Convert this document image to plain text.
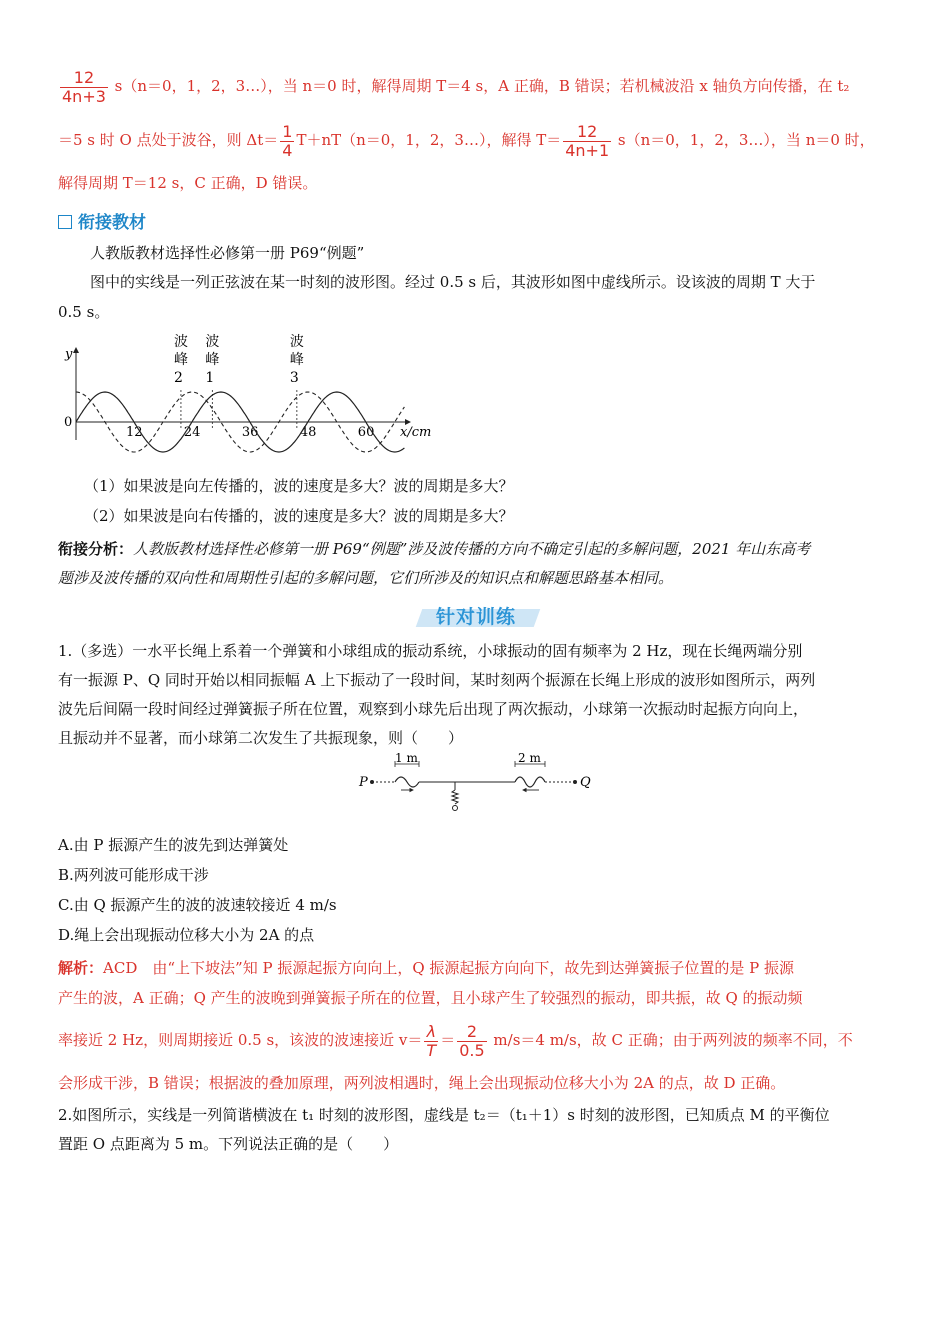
$\frac{12}{4n+3} s(n=0$，1，2，3…），当 n＝0 时，解得周期 T＝4 s，A 正确，B 错误；若机械波沿 x 轴负方向传播，在 t₂
＝5 s 时 O 点处于波谷，则 $\Delta t= \frac{1}{4} T+nT(n=0$，1，2，3…），解得 $T= \frac{12}{4n+1} s(n=0$，1，2，3…），当 n＝0 时，
解得周期 T＝12 s，C 正确，D 错误。
衔接教材
人教版教材选择性必修第一册 P69“例题”
图中的实线是一列正弦波在某一时刻的波形图。经过 0.5 s 后，其波形如图中虚线所示。设该波的周期 T 大于
0.5 s。
y
0
x/cm
12	24	36	48	60
波
峰
2
波
峰
1
波
峰
3
（1）如果波是向左传播的，波的速度是多大？波的周期是多大？
（2）如果波是向右传播的，波的速度是多大？波的周期是多大？
衔接分析：人教版教材选择性必修第一册 P69“例题”涉及波传播的方向不确定引起的多解问题，2021 年山东高考
题涉及波传播的双向性和周期性引起的多解问题，它们所涉及的知识点和解题思路基本相同。
针对训练
1.（多选）一水平长绳上系着一个弹簧和小球组成的振动系统，小球振动的固有频率为 2 Hz，现在长绳两端分别
有一振源 P、Q 同时开始以相同振幅 A 上下振动了一段时间，某时刻两个振源在长绳上形成的波形如图所示，两列
波先后间隔一段时间经过弹簧振子所在位置，观察到小球先后出现了两次振动，小球第一次振动时起振方向向上，
且振动并不显著，而小球第二次发生了共振现象，则（　　）
P
1 m	2 m
Q
A.由 P 振源产生的波先到达弹簧处
B.两列波可能形成干涉
C.由 Q 振源产生的波的波速较接近 4 m/s
D.绳上会出现振动位移大小为 2A 的点
解析：ACD　由“上下坡法”知 P 振源起振方向向上，Q 振源起振方向向下，故先到达弹簧振子位置的是 P 振源
产生的波，A 正确；Q 产生的波晚到弹簧振子所在的位置，且小球产生了较强烈的振动，即共振，故 Q 的振动频
率接近 2 Hz，则周期接近 0.5 s，该波的波速接近 $v= \frac{\lambda}{T} = \frac{2}{0.5} m/s=4$ m/s，故 C 正确；由于两列波的频率不同，不
会形成干涉，B 错误；根据波的叠加原理，两列波相遇时，绳上会出现振动位移大小为 2A 的点，故 D 正确。
2.如图所示，实线是一列简谐横波在 t₁ 时刻的波形图，虚线是 t₂＝（t₁＋1）s 时刻的波形图，已知质点 M 的平衡位
置距 O 点距离为 5 m。下列说法正确的是（　　）
